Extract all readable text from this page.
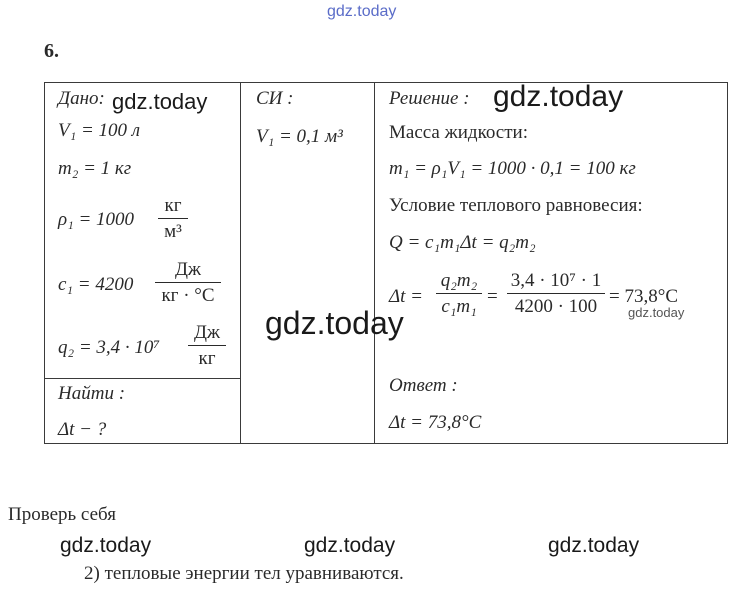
gdz.today
6.
Дано:
V₁ = 100 л
m₂ = 1 кг
ρ₁ = 1000
кг
м³
c₁ = 4200
Дж
кг · °C
q₂ = 3,4 · 10⁷
Дж
кг
Найти :
Δt − ?
СИ :
V₁ = 0,1 м³
Решение :
Масса жидкости:
m₁ = ρ₁V₁ = 1000 · 0,1 = 100 кг
Условие теплового равновесия:
Q = c₁m₁Δt = q₂m₂
Δt =
q₂m₂
c₁m₁ =
3,4 · 10⁷ · 1
4200 · 100 = 73,8°C
Ответ :
Δt = 73,8°C
Проверь себя
2) тепловые энергии тел уравниваются.
gdz.today	gdz.today
gdz.today	gdz.today
gdz.today	gdz.today	gdz.today
